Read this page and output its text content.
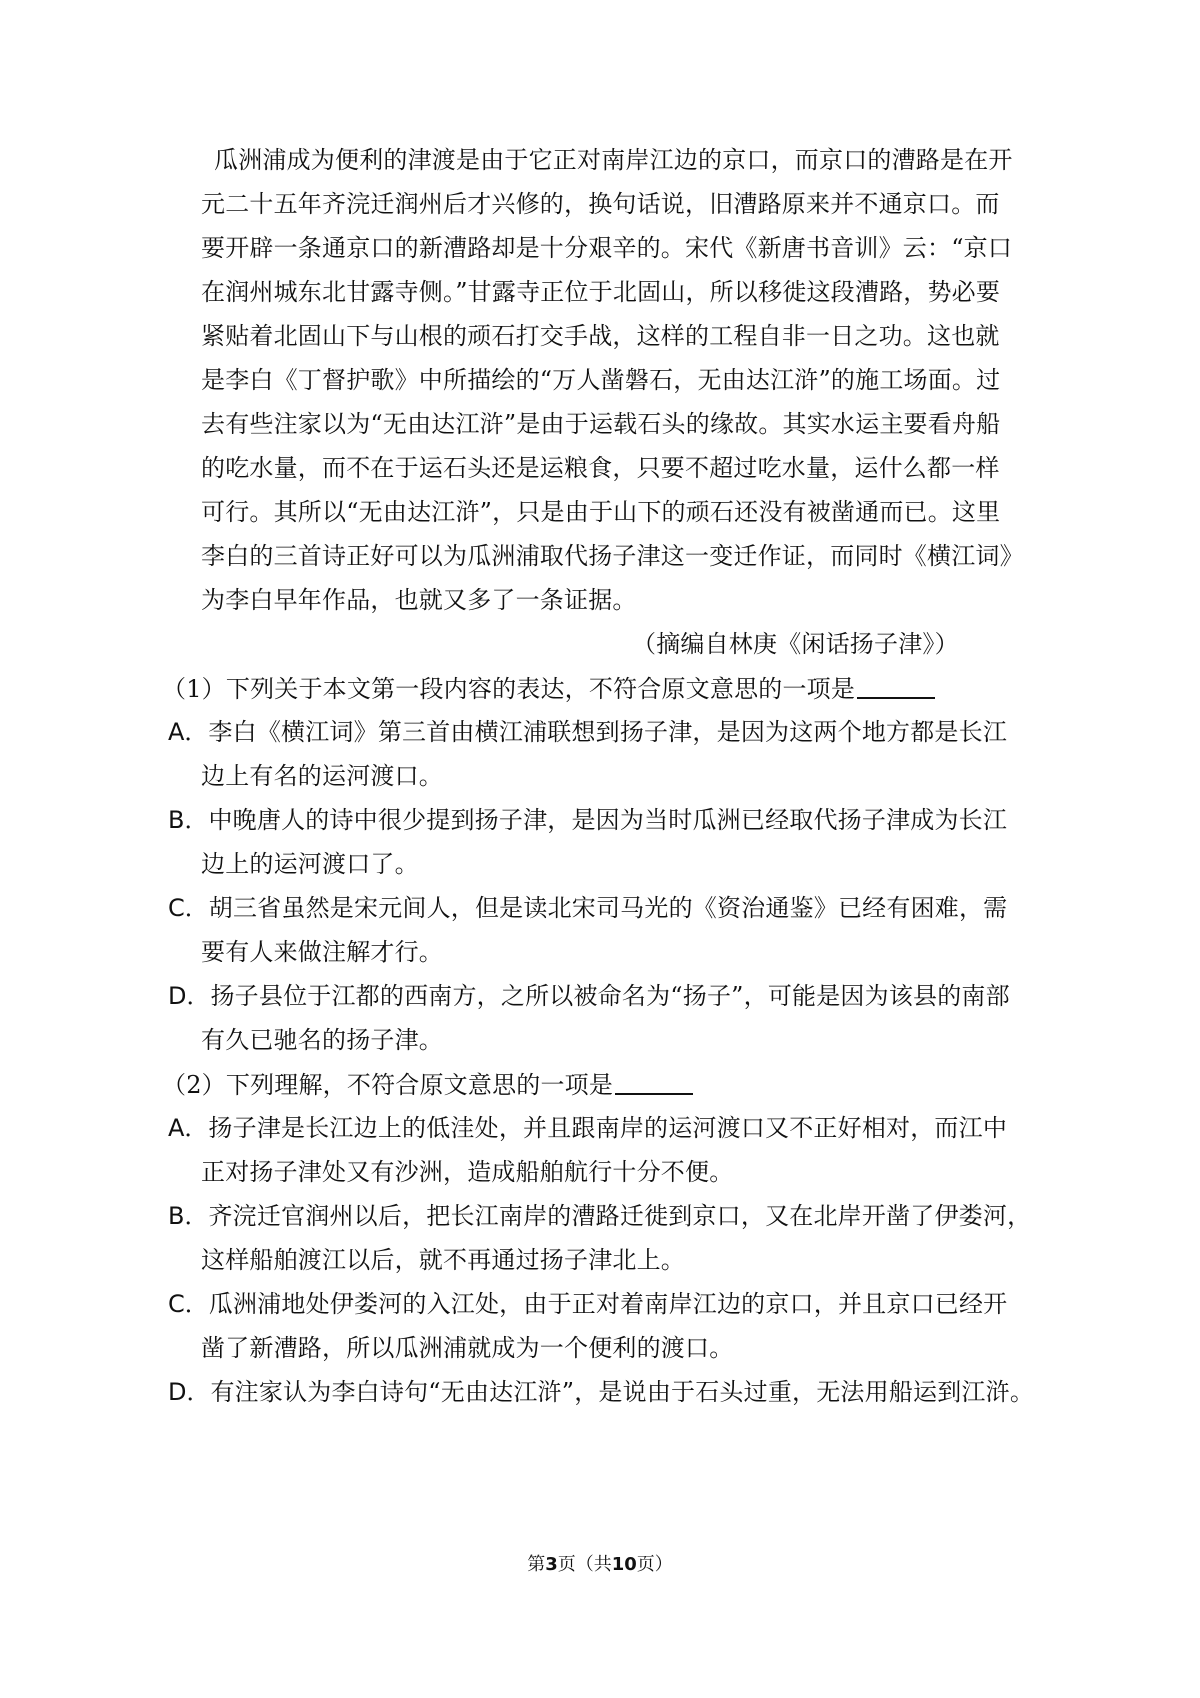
瓜洲浦成为便利的津渡是由于它正对南岸江边的京口，而京口的漕路是在开
元二十五年齐浣迁润州后才兴修的，换句话说，旧漕路原来并不通京口。而
要开辟一条通京口的新漕路却是十分艰辛的。宋代《新唐书音训》云：“京口
在润州城东北甘露寺侧。”甘露寺正位于北固山，所以移徙这段漕路，势必要
紧贴着北固山下与山根的顽石打交手战，这样的工程自非一日之功。这也就
是李白《丁督护歌》中所描绘的“万人凿磐石，无由达江浒”的施工场面。过
去有些注家以为“无由达江浒”是由于运载石头的缘故。其实水运主要看舟船
的吃水量，而不在于运石头还是运粮食，只要不超过吃水量，运什么都一样
可行。其所以“无由达江浒”，只是由于山下的顽石还没有被凿通而已。这里
李白的三首诗正好可以为瓜洲浦取代扬子津这一变迁作证，而同时《横江词》
为李白早年作品，也就又多了一条证据。
（摘编自林庚《闲话扬子津》）
（1）下列关于本文第一段内容的表达，不符合原文意思的一项是
A．李白《横江词》第三首由横江浦联想到扬子津，是因为这两个地方都是长江
边上有名的运河渡口。
B．中晚唐人的诗中很少提到扬子津，是因为当时瓜洲已经取代扬子津成为长江
边上的运河渡口了。
C．胡三省虽然是宋元间人，但是读北宋司马光的《资治通鉴》已经有困难，需
要有人来做注解才行。
D．扬子县位于江都的西南方，之所以被命名为“扬子”，可能是因为该县的南部
有久已驰名的扬子津。
（2）下列理解，不符合原文意思的一项是
A．扬子津是长江边上的低洼处，并且跟南岸的运河渡口又不正好相对，而江中
正对扬子津处又有沙洲，造成船舶航行十分不便。
B．齐浣迁官润州以后，把长江南岸的漕路迁徙到京口，又在北岸开凿了伊娄河，
这样船舶渡江以后，就不再通过扬子津北上。
C．瓜洲浦地处伊娄河的入江处，由于正对着南岸江边的京口，并且京口已经开
凿了新漕路，所以瓜洲浦就成为一个便利的渡口。
D．有注家认为李白诗句“无由达江浒”，是说由于石头过重，无法用船运到江浒。
第3页（共10页）
